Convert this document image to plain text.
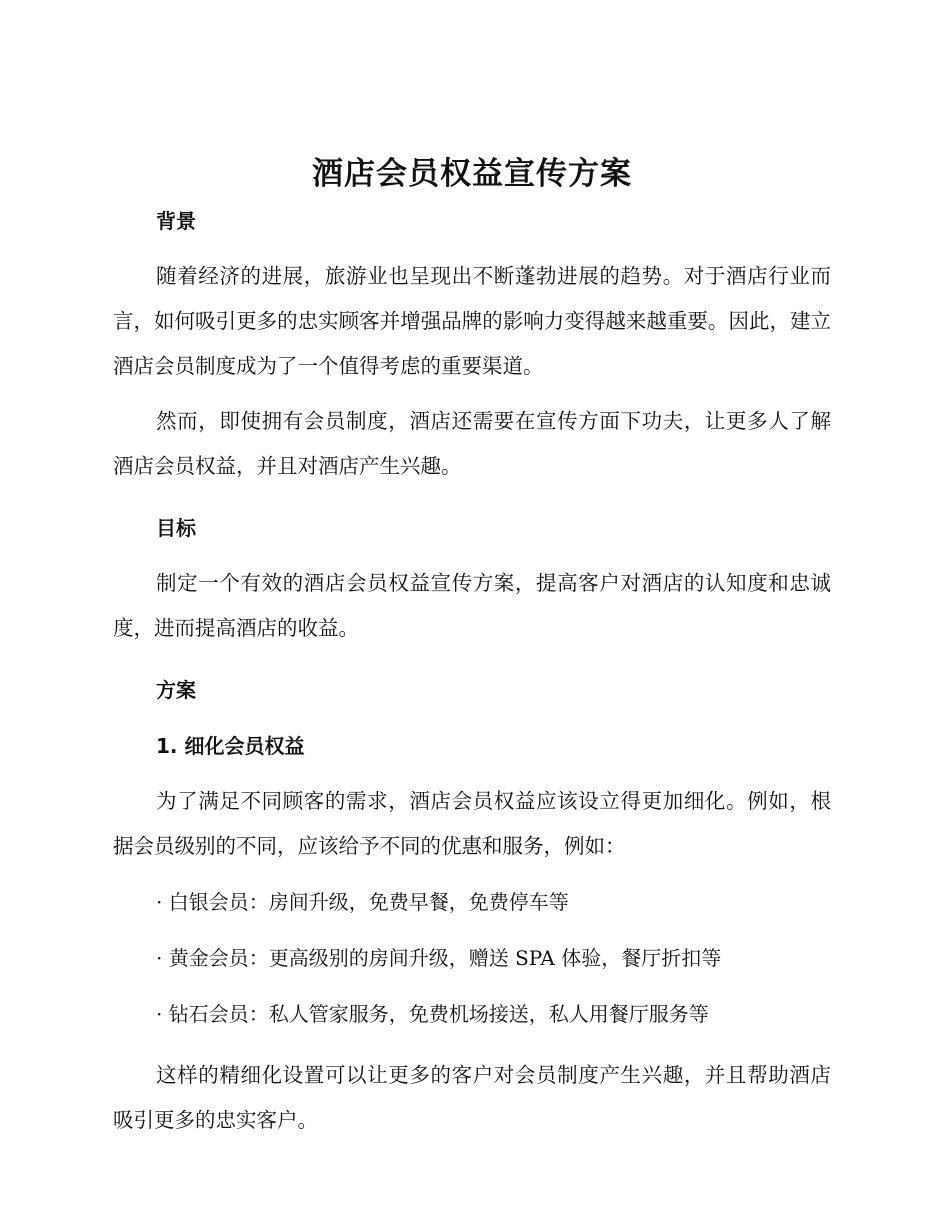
酒店会员权益宣传方案
背景

随着经济的进展，旅游业也呈现出不断蓬勃进展的趋势。对于酒店行业而言，如何吸引更多的忠实顾客并增强品牌的影响力变得越来越重要。因此，建立酒店会员制度成为了一个值得考虑的重要渠道。

然而，即使拥有会员制度，酒店还需要在宣传方面下功夫，让更多人了解酒店会员权益，并且对酒店产生兴趣。

目标

制定一个有效的酒店会员权益宣传方案，提高客户对酒店的认知度和忠诚度，进而提高酒店的收益。

方案
1. 细化会员权益

为了满足不同顾客的需求，酒店会员权益应该设立得更加细化。例如，根据会员级别的不同，应该给予不同的优惠和服务，例如：

· 白银会员：房间升级，免费早餐，免费停车等
· 黄金会员：更高级别的房间升级，赠送 SPA 体验，餐厅折扣等
· 钻石会员：私人管家服务，免费机场接送，私人用餐厅服务等

这样的精细化设置可以让更多的客户对会员制度产生兴趣，并且帮助酒店吸引更多的忠实客户。
